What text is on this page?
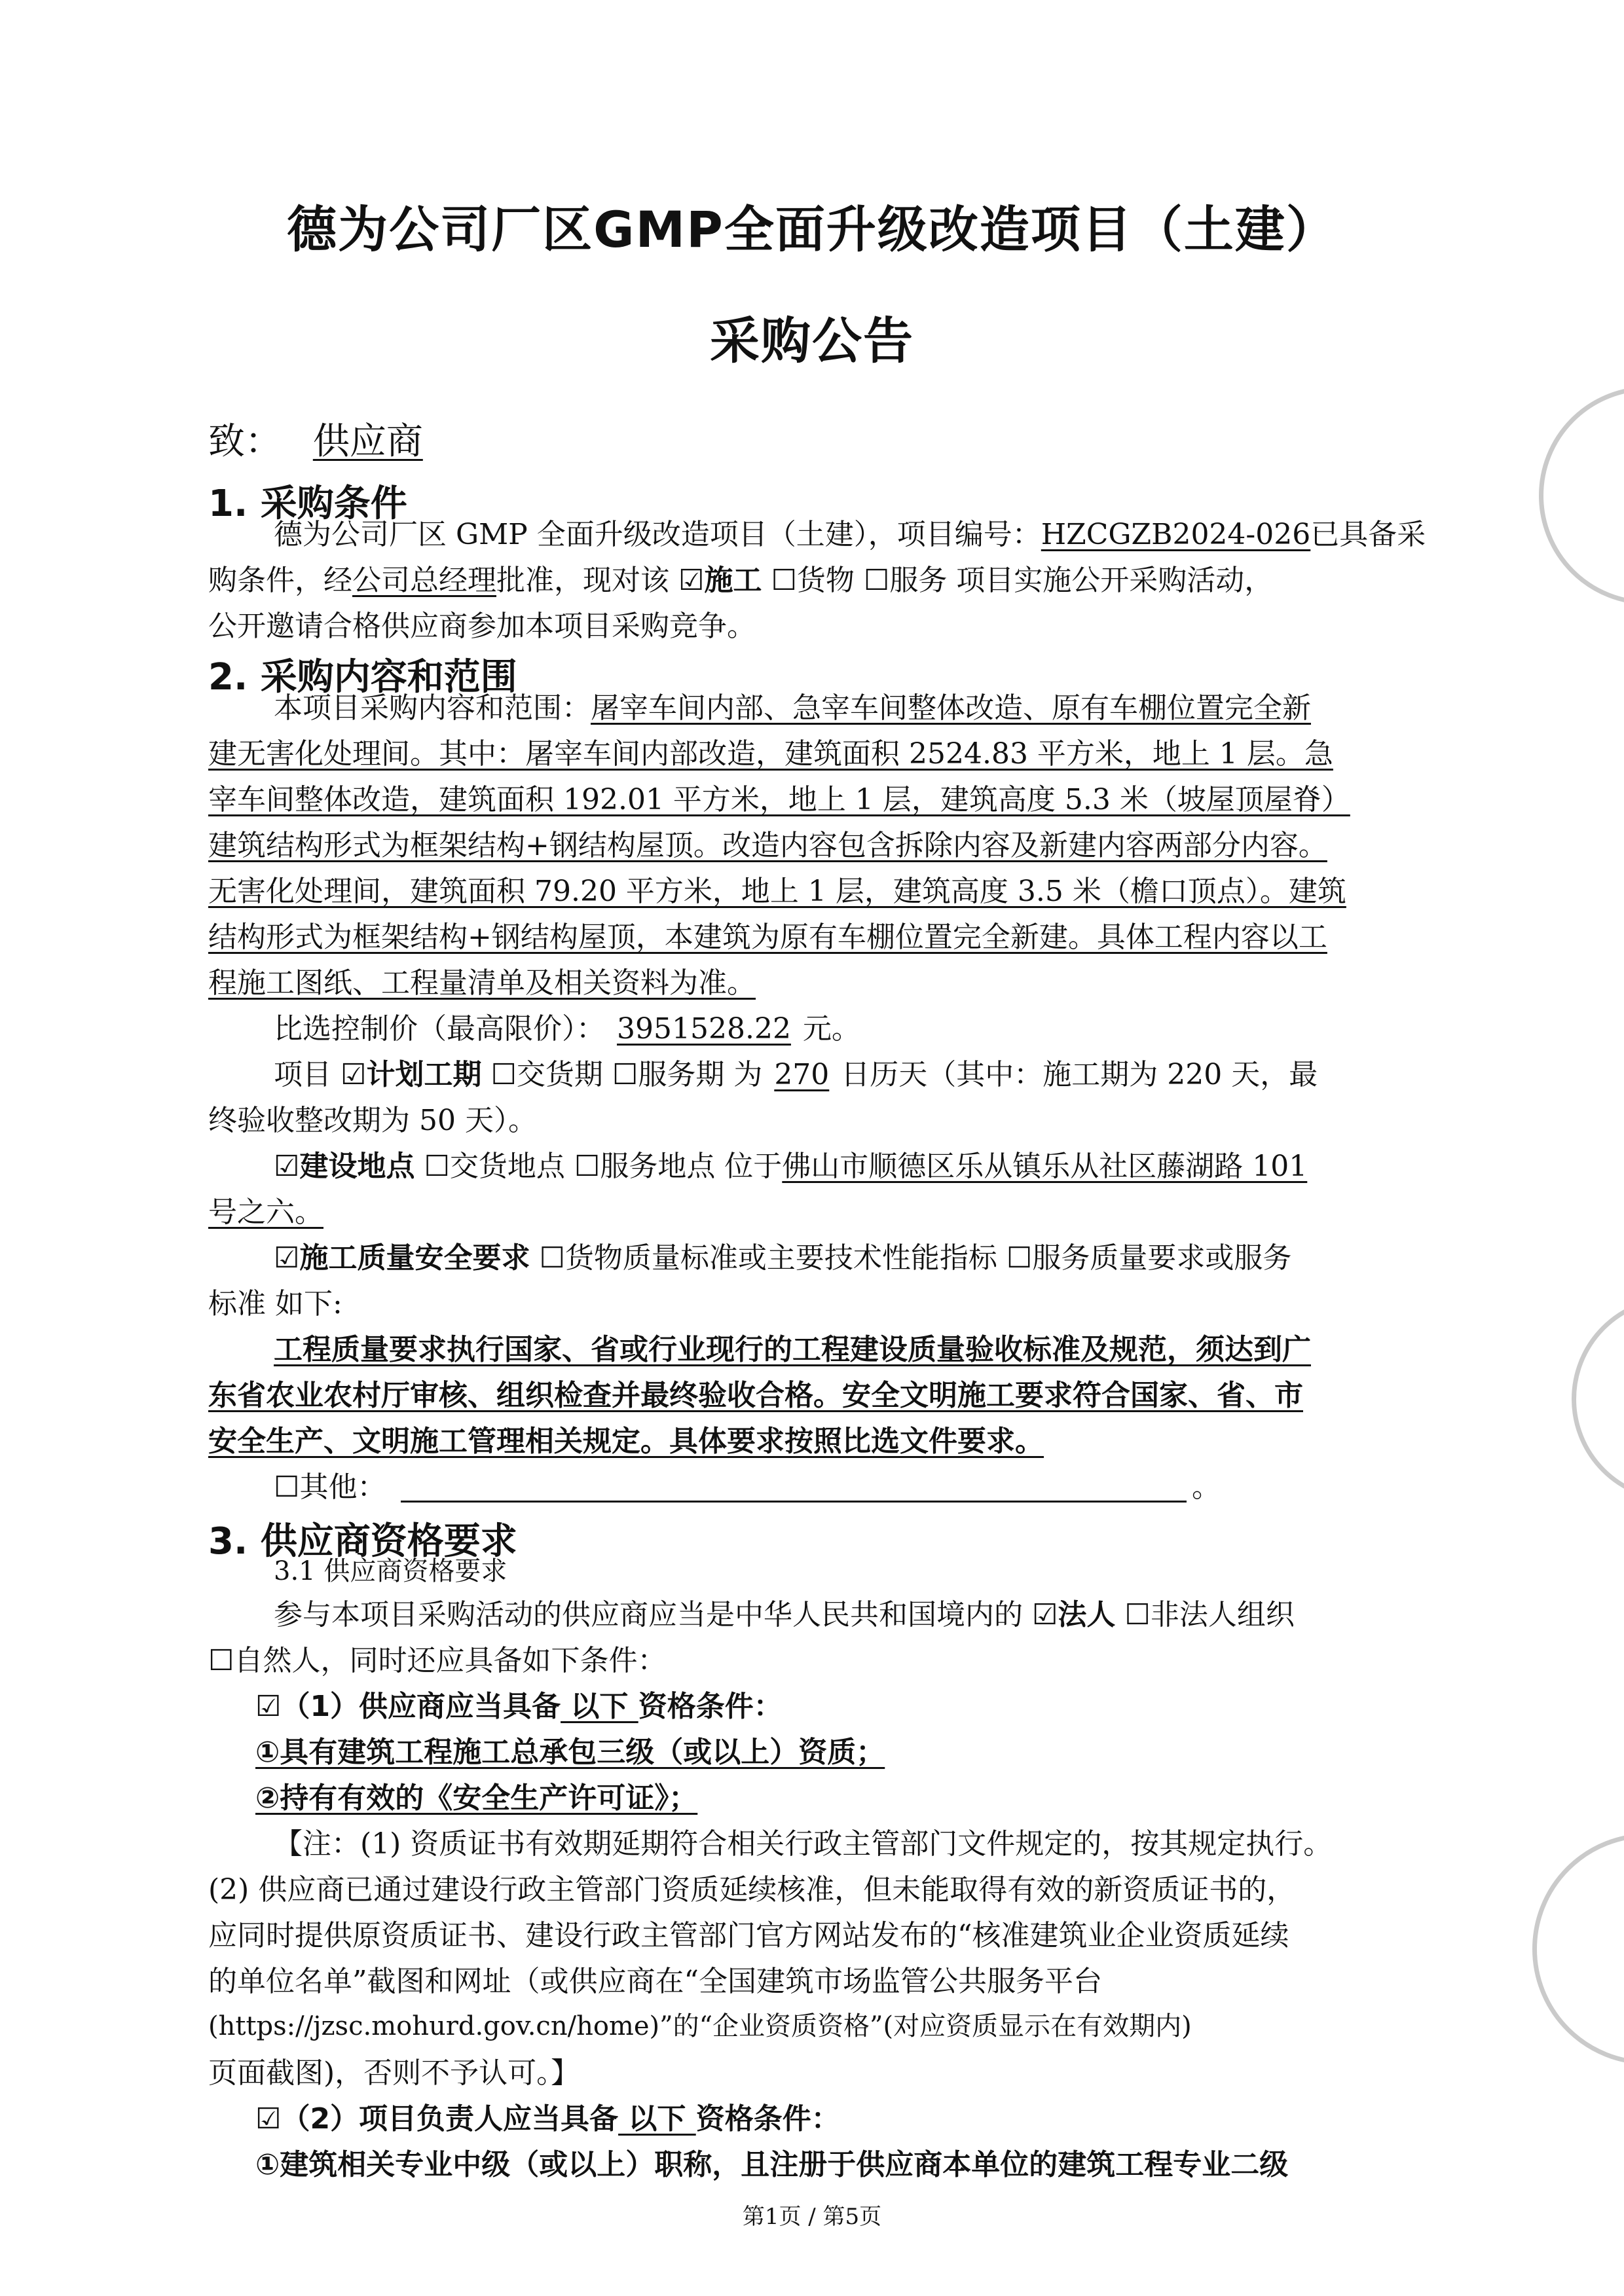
德为公司厂区GMP全面升级改造项目（土建）
采购公告
致： 供应商
1. 采购条件
德为公司厂区 GMP 全面升级改造项目（土建），项目编号：HZCGZB2024-026已具备采
购条件，经公司总经理批准，现对该 ☑施工 ☐货物 ☐服务 项目实施公开采购活动，
公开邀请合格供应商参加本项目采购竞争。
2. 采购内容和范围
本项目采购内容和范围：屠宰车间内部、急宰车间整体改造、原有车棚位置完全新
建无害化处理间。其中：屠宰车间内部改造，建筑面积 2524.83 平方米，地上 1 层。急
宰车间整体改造，建筑面积 192.01 平方米，地上 1 层，建筑高度 5.3 米（坡屋顶屋脊）
建筑结构形式为框架结构+钢结构屋顶。改造内容包含拆除内容及新建内容两部分内容。
无害化处理间，建筑面积 79.20 平方米，地上 1 层，建筑高度 3.5 米（檐口顶点）。建筑
结构形式为框架结构+钢结构屋顶，本建筑为原有车棚位置完全新建。具体工程内容以工
程施工图纸、工程量清单及相关资料为准。
比选控制价（最高限价）： 3951528.22 元。
项目 ☑计划工期 ☐交货期 ☐服务期 为 270 日历天（其中：施工期为 220 天，最
终验收整改期为 50 天）。
☑建设地点 ☐交货地点 ☐服务地点 位于佛山市顺德区乐从镇乐从社区藤湖路 101
号之六。
☑施工质量安全要求 ☐货物质量标准或主要技术性能指标 ☐服务质量要求或服务
标准 如下:
工程质量要求执行国家、省或行业现行的工程建设质量验收标准及规范，须达到广
东省农业农村厅审核、组织检查并最终验收合格。安全文明施工要求符合国家、省、市
安全生产、文明施工管理相关规定。具体要求按照比选文件要求。
☐其他：	。
3. 供应商资格要求
3.1 供应商资格要求
参与本项目采购活动的供应商应当是中华人民共和国境内的 ☑法人 ☐非法人组织
☐自然人，同时还应具备如下条件：
☑（1）供应商应当具备 以下 资格条件：
①具有建筑工程施工总承包三级（或以上）资质；
②持有有效的《安全生产许可证》；
【注：(1) 资质证书有效期延期符合相关行政主管部门文件规定的，按其规定执行。
(2) 供应商已通过建设行政主管部门资质延续核准，但未能取得有效的新资质证书的，
应同时提供原资质证书、建设行政主管部门官方网站发布的“核准建筑业企业资质延续
的单位名单”截图和网址（或供应商在“全国建筑市场监管公共服务平台
(https://jzsc.mohurd.gov.cn/home)”的“企业资质资格”(对应资质显示在有效期内)
页面截图)，否则不予认可。】
☑（2）项目负责人应当具备 以下 资格条件：
①建筑相关专业中级（或以上）职称，且注册于供应商本单位的建筑工程专业二级
第1页 / 第5页
